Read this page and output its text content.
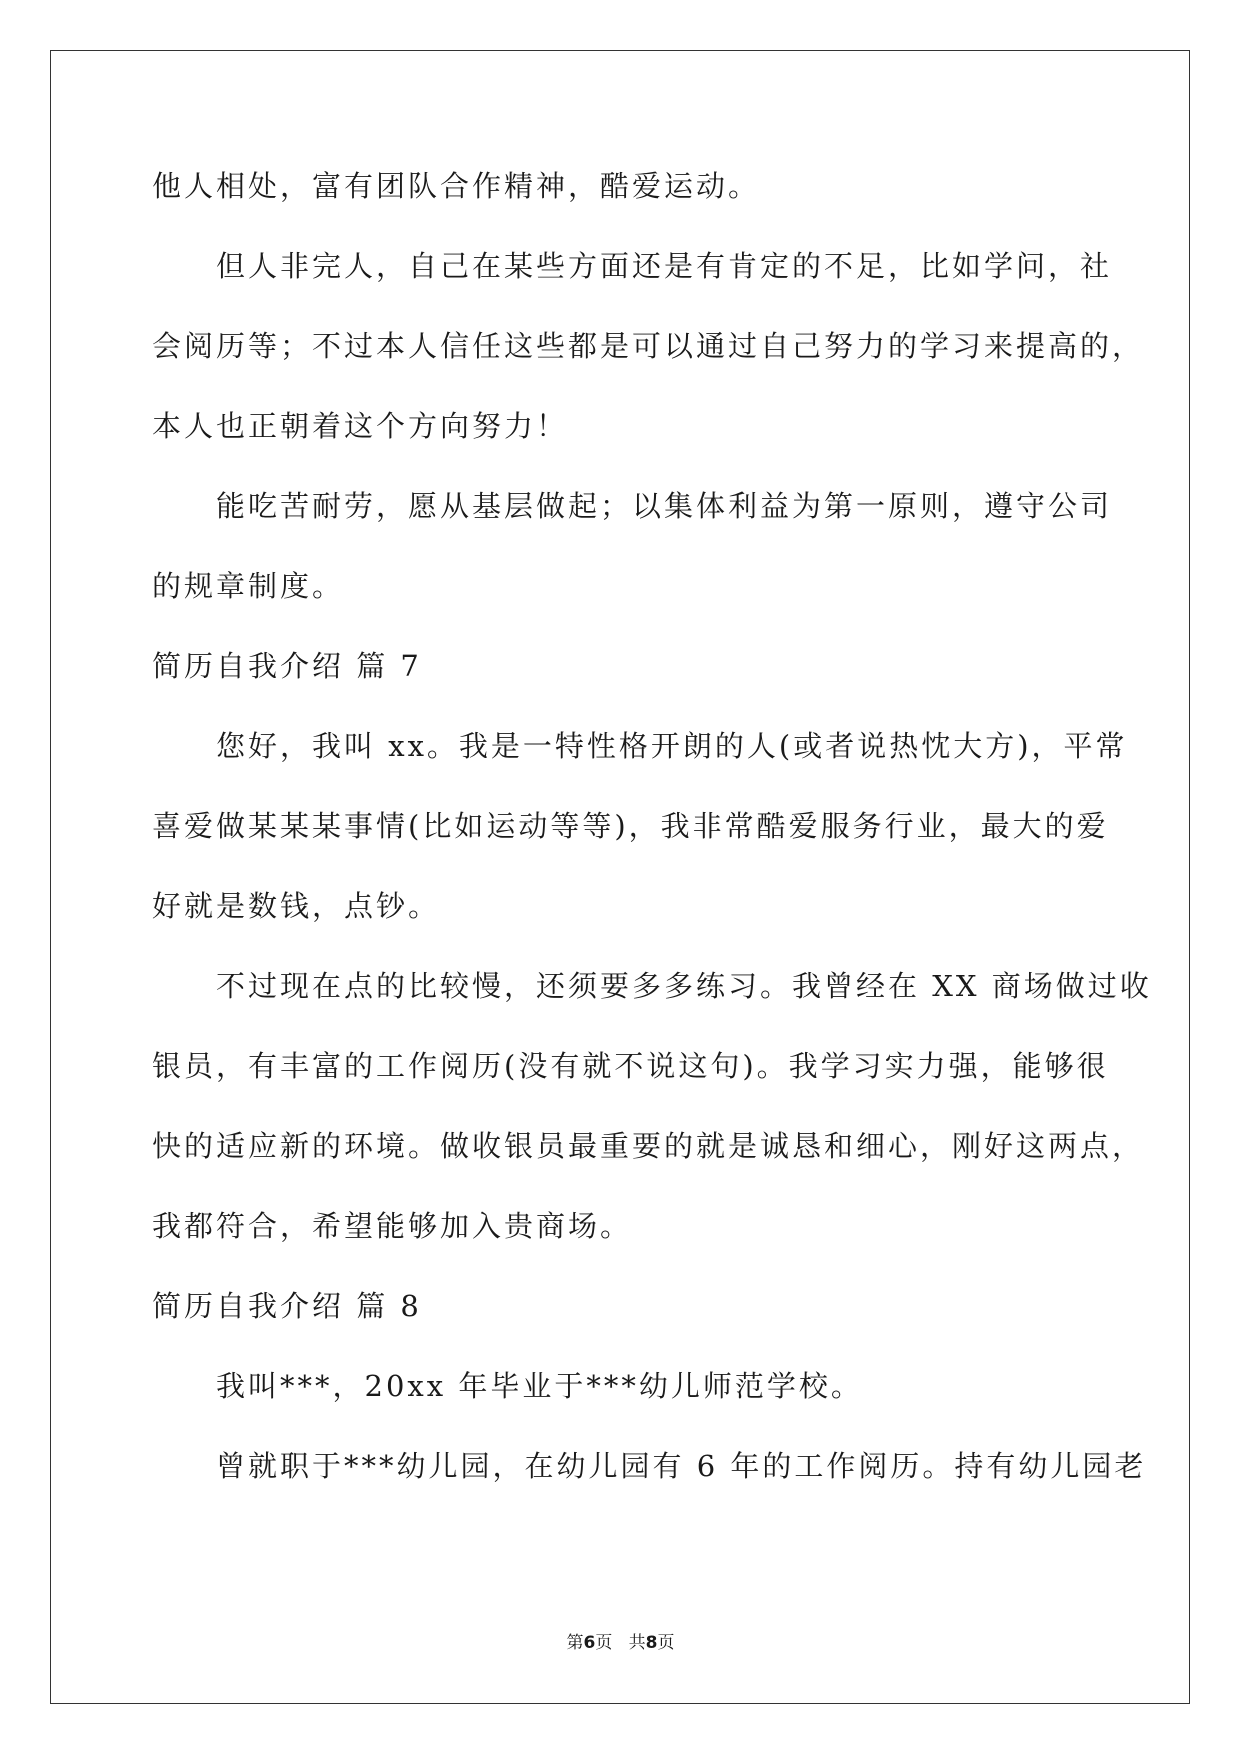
他人相处，富有团队合作精神，酷爱运动。
但人非完人，自己在某些方面还是有肯定的不足，比如学问，社
会阅历等；不过本人信任这些都是可以通过自己努力的学习来提高的，
本人也正朝着这个方向努力！
能吃苦耐劳，愿从基层做起；以集体利益为第一原则，遵守公司
的规章制度。
简历自我介绍 篇 7
您好，我叫 xx。我是一特性格开朗的人(或者说热忱大方)，平常
喜爱做某某某事情(比如运动等等)，我非常酷爱服务行业，最大的爱
好就是数钱，点钞。
不过现在点的比较慢，还须要多多练习。我曾经在 XX 商场做过收
银员，有丰富的工作阅历(没有就不说这句)。我学习实力强，能够很
快的适应新的环境。做收银员最重要的就是诚恳和细心，刚好这两点，
我都符合，希望能够加入贵商场。
简历自我介绍 篇 8
我叫***，20xx 年毕业于***幼儿师范学校。
曾就职于***幼儿园，在幼儿园有 6 年的工作阅历。持有幼儿园老
第6页 共8页
